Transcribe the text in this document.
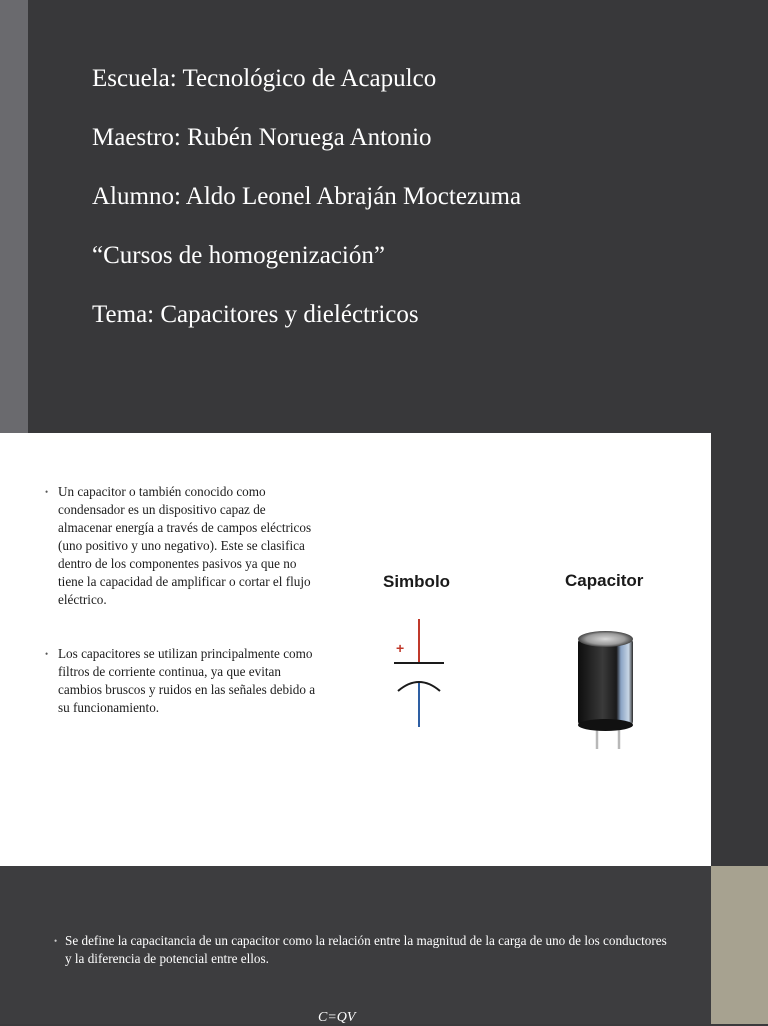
Escuela: Tecnológico de Acapulco
Maestro: Rubén Noruega Antonio
Alumno: Aldo Leonel Abraján Moctezuma
“Cursos de homogenización”
Tema: Capacitores y dieléctricos
• Un capacitor o también conocido como condensador es un dispositivo capaz de almacenar energía a través de campos eléctricos (uno positivo y uno negativo). Este se clasifica dentro de los componentes pasivos ya que no tiene la capacidad de amplificar o cortar el flujo eléctrico.
• Los capacitores se utilizan principalmente como filtros de corriente continua, ya que evitan cambios bruscos y ruidos en las señales debido a su funcionamiento.
Simbolo	Capacitor
+
• Se define la capacitancia de un capacitor como la relación entre la magnitud de la carga de uno de los conductores y la diferencia de potencial entre ellos.
C=QV
